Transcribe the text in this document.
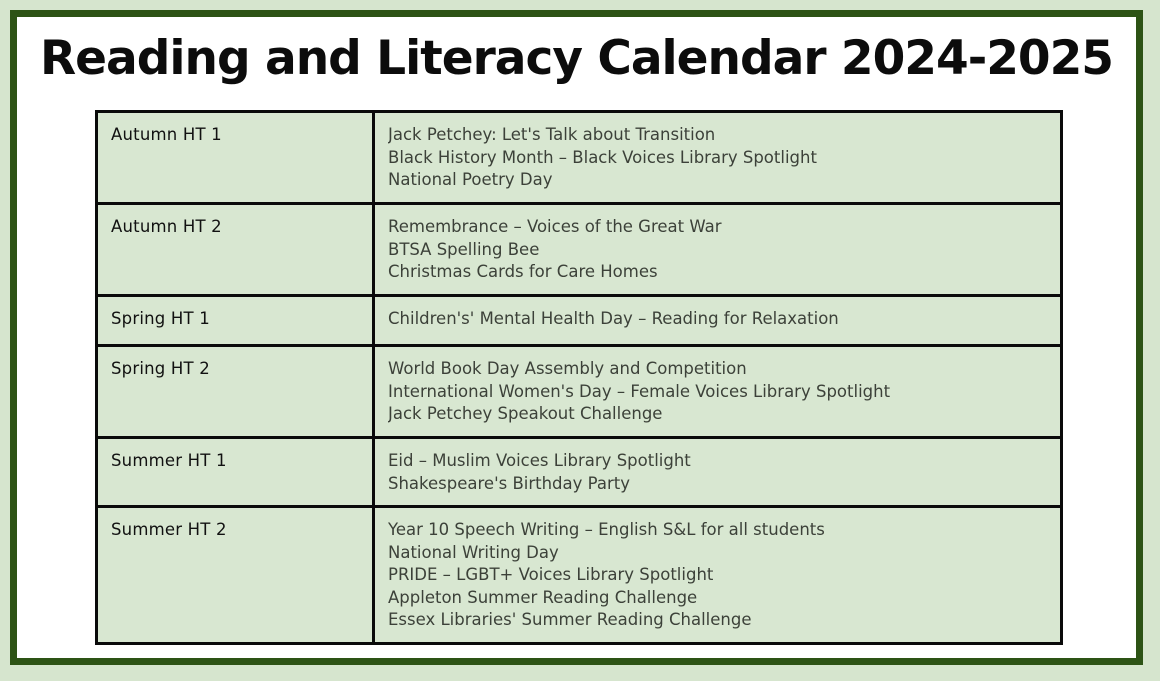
Reading and Literacy Calendar 2024-2025
Autumn HT 1	Jack Petchey: Let's Talk about Transition
Black History Month – Black Voices Library Spotlight
National Poetry Day

Autumn HT 2	Remembrance – Voices of the Great War
BTSA Spelling Bee
Christmas Cards for Care Homes

Spring HT 1	Children's' Mental Health Day – Reading for Relaxation

Spring HT 2	World Book Day Assembly and Competition
International Women's Day – Female Voices Library Spotlight
Jack Petchey Speakout Challenge

Summer HT 1	Eid – Muslim Voices Library Spotlight
Shakespeare's Birthday Party

Summer HT 2	Year 10 Speech Writing – English S&L for all students
National Writing Day
PRIDE – LGBT+ Voices Library Spotlight
Appleton Summer Reading Challenge
Essex Libraries' Summer Reading Challenge
